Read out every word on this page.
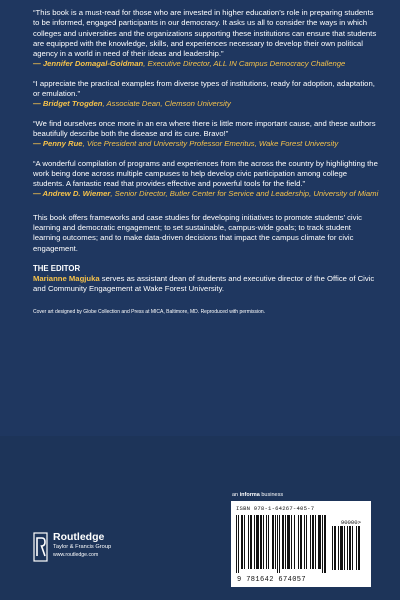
“This book is a must-read for those who are invested in higher education’s role in preparing students to be informed, engaged participants in our democracy. It asks us all to consider the ways in which colleges and universities and the organizations supporting these institutions can ensure that students are equipped with the knowledge, skills, and experiences necessary to develop their own political agency in a world in need of their ideas and leadership.”
— Jennifer Domagal-Goldman, Executive Director, ALL IN Campus Democracy Challenge

“I appreciate the practical examples from diverse types of institutions, ready for adoption, adaptation, or emulation.”
— Bridget Trogden, Associate Dean, Clemson University

“We find ourselves once more in an era where there is little more important cause, and these authors beautifully describe both the disease and its cure. Bravo!”
— Penny Rue, Vice President and University Professor Emeritus, Wake Forest University

“A wonderful compilation of programs and experiences from the across the country by highlighting the work being done across multiple campuses to help develop civic participation among college students. A fantastic read that provides effective and powerful tools for the field.”
— Andrew D. Wiemer, Senior Director, Butler Center for Service and Leadership, University of Miami

This book offers frameworks and case studies for developing initiatives to promote students’ civic learning and democratic engagement; to set sustainable, campus-wide goals; to track student learning outcomes; and to make data-driven decisions that impact the campus climate for civic engagement.

THE EDITOR

Marianne Magjuka serves as assistant dean of students and executive director of the Office of Civic and Community Engagement at Wake Forest University.

Cover art designed by Globe Collection and Press at MICA, Baltimore, MD. Reproduced with permission.

Routledge
Taylor & Francis Group
www.routledge.com
an informa business
ISBN 978-1-64267-405-7
90000>
9 781642 674057
